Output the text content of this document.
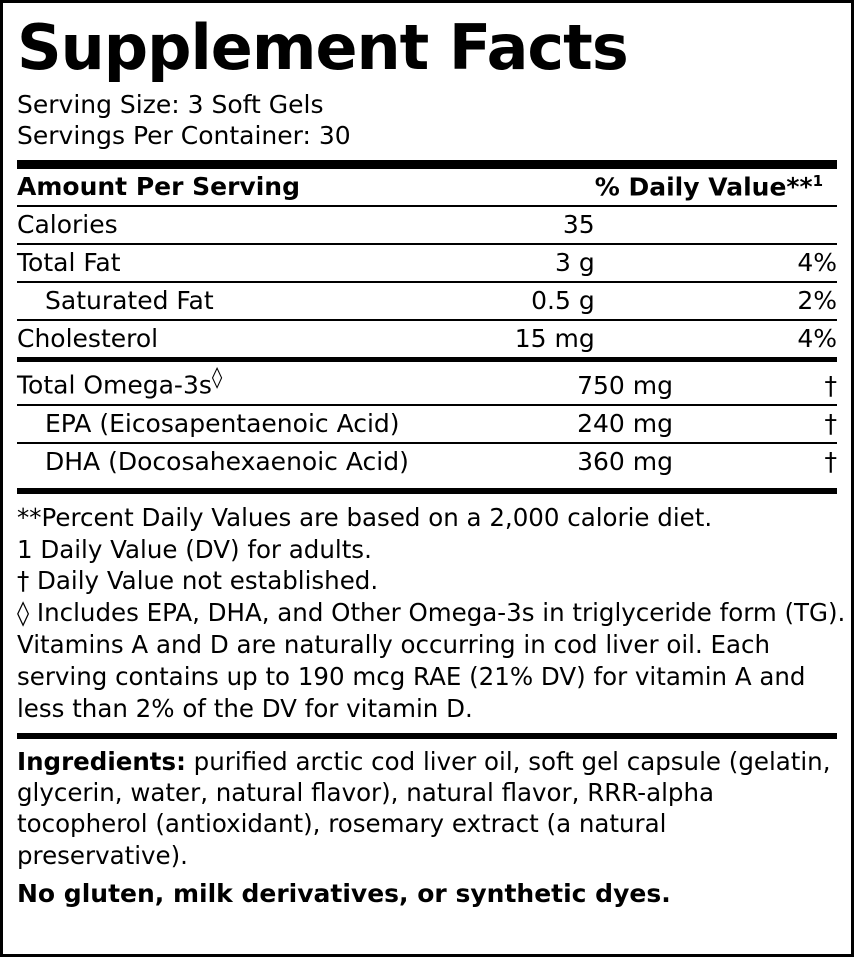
Supplement Facts
Serving Size: 3 Soft Gels
Servings Per Container: 30
Amount Per Serving		% Daily Value**$^1$
Calories	35	
Total Fat	3 g	4%
Saturated Fat	0.5 g	2%
Cholesterol	15 mg	4%
Total Omega-3s◊	750 mg	†
EPA (Eicosapentaenoic Acid)	240 mg	†
DHA (Docosahexaenoic Acid)	360 mg	†
**Percent Daily Values are based on a 2,000 calorie diet.
1 Daily Value (DV) for adults.
† Daily Value not established.
◊ Includes EPA, DHA, and Other Omega-3s in triglyceride form (TG).

Vitamins A and D are naturally occurring in cod liver oil. Each serving contains up to 190 mcg RAE (21% DV) for vitamin A and less than 2% of the DV for vitamin D.

Ingredients: purified arctic cod liver oil, soft gel capsule (gelatin, glycerin, water, natural flavor), natural flavor, RRR-alpha tocopherol (antioxidant), rosemary extract (a natural preservative).
No gluten, milk derivatives, or synthetic dyes.
